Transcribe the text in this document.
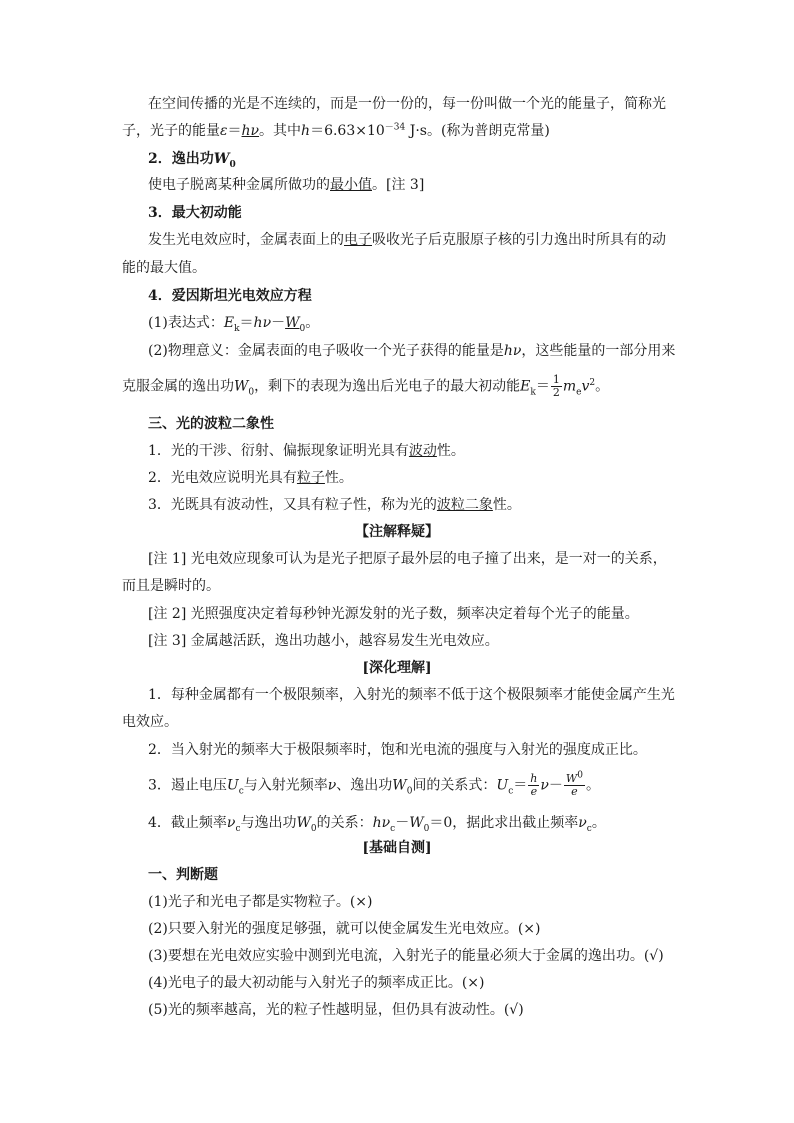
在空间传播的光是不连续的，而是一份一份的，每一份叫做一个光的能量子，简称光
子，光子的能量ε＝hν。其中$h=6.63\times 10^{-34}$ J·s。(称为普朗克常量)
2．逸出功$W_0$
使电子脱离某种金属所做功的最小值。[注 3]
3．最大初动能
发生光电效应时，金属表面上的电子吸收光子后克服原子核的引力逸出时所具有的动
能的最大值。
4．爱因斯坦光电效应方程
(1)表达式：$E_k=h\nu-W_0$。
(2)物理意义：金属表面的电子吸收一个光子获得的能量是hν，这些能量的一部分用来
克服金属的逸出功$W_0$，剩下的表现为逸出后光电子的最大初动能$E_k= \frac{1}{2} m_ev^2$。
三、光的波粒二象性
1．光的干涉、衍射、偏振现象证明光具有波动性。
2．光电效应说明光具有粒子性。
3．光既具有波动性，又具有粒子性，称为光的波粒二象性。
【注解释疑】
[注 1] 光电效应现象可认为是光子把原子最外层的电子撞了出来，是一对一的关系，
而且是瞬时的。
[注 2] 光照强度决定着每秒钟光源发射的光子数，频率决定着每个光子的能量。
[注 3] 金属越活跃，逸出功越小，越容易发生光电效应。
[深化理解]
1．每种金属都有一个极限频率，入射光的频率不低于这个极限频率才能使金属产生光
电效应。
2．当入射光的频率大于极限频率时，饱和光电流的强度与入射光的强度成正比。
3．遏止电压$U_c$与入射光频率ν、逸出功$W_0$间的关系式：$U_c= \frac{h}{e} \nu- \frac{W^0}{e}$ 。
4．截止频率$\nu_c$与逸出功$W_0$的关系：$h\nu_c-W_0=0$，据此求出截止频率$\nu_c$。
[基础自测]
一、判断题
(1)光子和光电子都是实物粒子。(×)
(2)只要入射光的强度足够强，就可以使金属发生光电效应。(×)
(3)要想在光电效应实验中测到光电流，入射光子的能量必须大于金属的逸出功。(√)
(4)光电子的最大初动能与入射光子的频率成正比。(×)
(5)光的频率越高，光的粒子性越明显，但仍具有波动性。(√)
